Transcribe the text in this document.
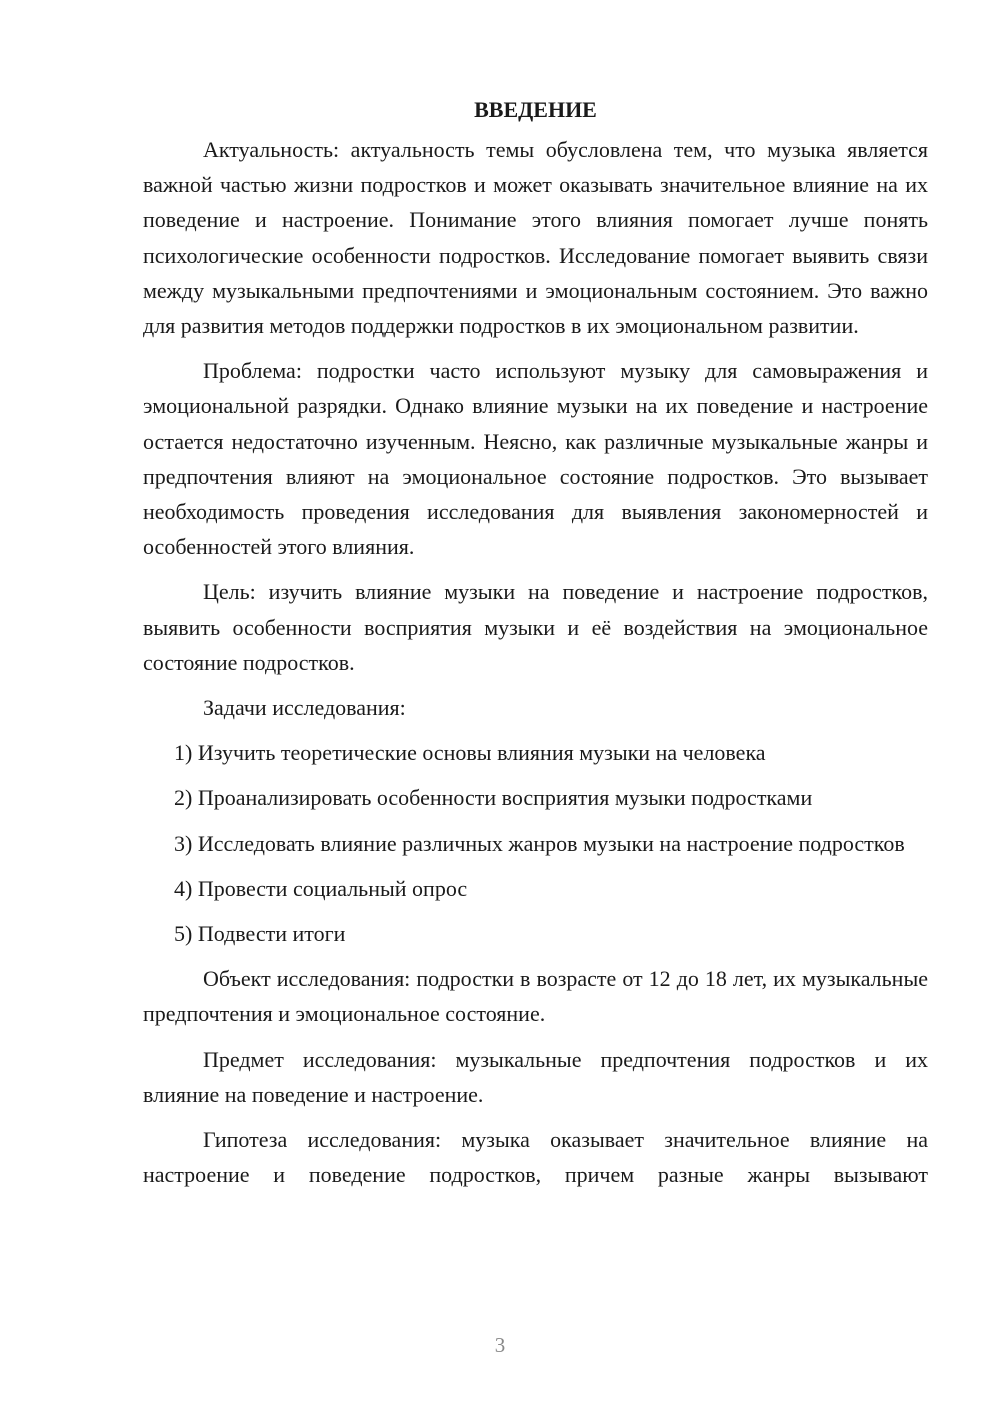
ВВЕДЕНИЕ

Актуальность: актуальность темы обусловлена тем, что музыка является важной частью жизни подростков и может оказывать значительное влияние на их поведение и настроение. Понимание этого влияния помогает лучше понять психологические особенности подростков. Исследование помогает выявить связи между музыкальными предпочтениями и эмоциональным состоянием. Это важно для развития методов поддержки подростков в их эмоциональном развитии.

Проблема: подростки часто используют музыку для самовыражения и эмоциональной разрядки. Однако влияние музыки на их поведение и настроение остается недостаточно изученным. Неясно, как различные музыкальные жанры и предпочтения влияют на эмоциональное состояние подростков. Это вызывает необходимость проведения исследования для выявления закономерностей и особенностей этого влияния.

Цель: изучить влияние музыки на поведение и настроение подростков, выявить особенности восприятия музыки и её воздействия на эмоциональное состояние подростков.

Задачи исследования:

1) Изучить теоретические основы влияния музыки на человека

2) Проанализировать особенности восприятия музыки подростками

3) Исследовать влияние различных жанров музыки на настроение подростков

4) Провести социальный опрос

5) Подвести итоги

Объект исследования: подростки в возрасте от 12 до 18 лет, их музыкальные предпочтения и эмоциональное состояние.

Предмет исследования: музыкальные предпочтения подростков и их влияние на поведение и настроение.

Гипотеза исследования: музыка оказывает значительное влияние на настроение и поведение подростков, причем разные жанры вызывают

3
